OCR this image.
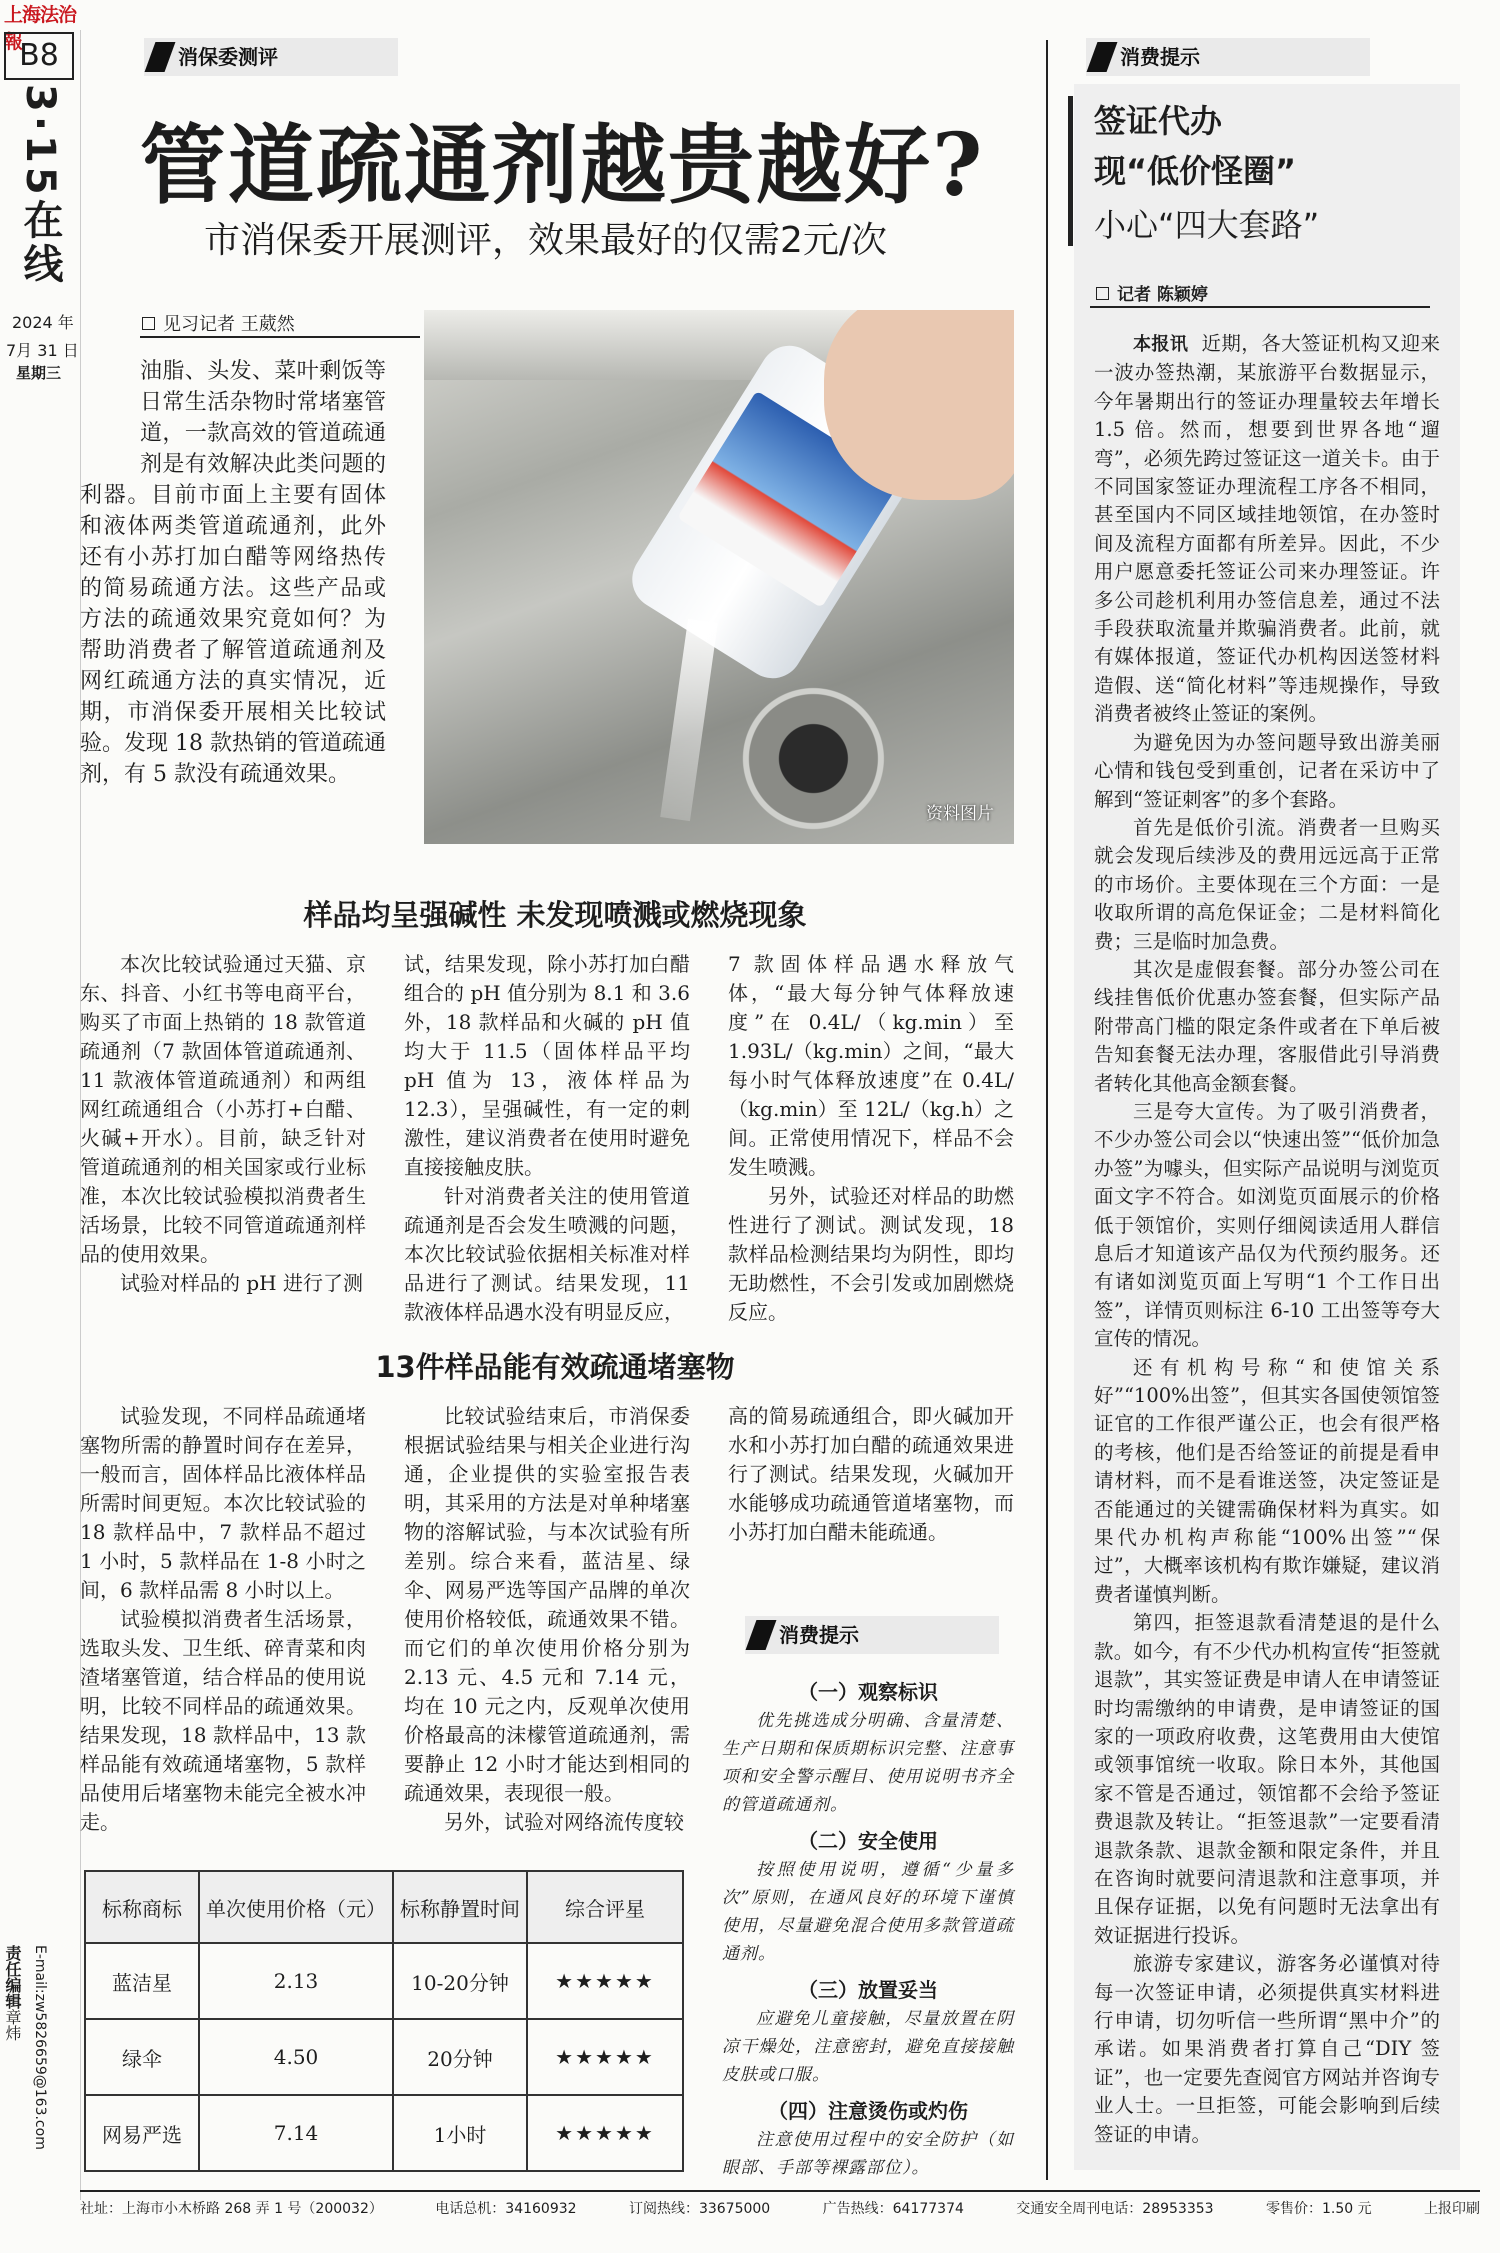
上海法治報
B8
3·15在线
2024 年
7月 31 日
星期三
责任编辑章炜 E-mail:zw5826659@163.com
消保委测评
管道疏通剂越贵越好?
市消保委开展测评，效果最好的仅需2元/次
见习记者 王葳然

油脂、头发、菜叶剩饭等日常生活杂物时常堵塞管道，一款高效的管道疏通剂是有效解决此类问题的利器。目前市面上主要有固体和液体两类管道疏通剂，此外还有小苏打加白醋等网络热传的简易疏通方法。这些产品或方法的疏通效果究竟如何？为帮助消费者了解管道疏通剂及网红疏通方法的真实情况，近期，市消保委开展相关比较试验。发现 18 款热销的管道疏通剂，有 5 款没有疏通效果。

资料图片
样品均呈强碱性 未发现喷溅或燃烧现象

本次比较试验通过天猫、京东、抖音、小红书等电商平台，购买了市面上热销的 18 款管道疏通剂（7 款固体管道疏通剂、11 款液体管道疏通剂）和两组网红疏通组合（小苏打+白醋、火碱+开水）。目前，缺乏针对管道疏通剂的相关国家或行业标准，本次比较试验模拟消费者生活场景，比较不同管道疏通剂样品的使用效果。

试验对样品的 pH 进行了测

试，结果发现，除小苏打加白醋组合的 pH 值分别为 8.1 和 3.6 外，18 款样品和火碱的 pH 值均大于 11.5（固体样品平均 pH 值为 13，液体样品为 12.3），呈强碱性，有一定的刺激性，建议消费者在使用时避免直接接触皮肤。

针对消费者关注的使用管道疏通剂是否会发生喷溅的问题，本次比较试验依据相关标准对样品进行了测试。结果发现，11 款液体样品遇水没有明显反应，

7 款固体样品遇水释放气体，“最大每分钟气体释放速度”在 0.4L/（kg.min）至 1.93L/（kg.min）之间，“最大每小时气体释放速度”在 0.4L/（kg.min）至 12L/（kg.h）之间。正常使用情况下，样品不会发生喷溅。

另外，试验还对样品的助燃性进行了测试。测试发现，18 款样品检测结果均为阴性，即均无助燃性，不会引发或加剧燃烧反应。

13件样品能有效疏通堵塞物

试验发现，不同样品疏通堵塞物所需的静置时间存在差异，一般而言，固体样品比液体样品所需时间更短。本次比较试验的 18 款样品中，7 款样品不超过 1 小时，5 款样品在 1-8 小时之间，6 款样品需 8 小时以上。

试验模拟消费者生活场景，选取头发、卫生纸、碎青菜和肉渣堵塞管道，结合样品的使用说明，比较不同样品的疏通效果。结果发现，18 款样品中，13 款样品能有效疏通堵塞物，5 款样品使用后堵塞物未能完全被水冲走。

比较试验结束后，市消保委根据试验结果与相关企业进行沟通，企业提供的实验室报告表明，其采用的方法是对单种堵塞物的溶解试验，与本次试验有所差别。综合来看，蓝洁星、绿伞、网易严选等国产品牌的单次使用价格较低，疏通效果不错。而它们的单次使用价格分别为 2.13 元、4.5 元和 7.14 元，均在 10 元之内，反观单次使用价格最高的沫檬管道疏通剂，需要静止 12 小时才能达到相同的疏通效果，表现很一般。

另外，试验对网络流传度较

高的简易疏通组合，即火碱加开水和小苏打加白醋的疏通效果进行了测试。结果发现，火碱加开水能够成功疏通管道堵塞物，而小苏打加白醋未能疏通。

标称商标	单次使用价格（元）	标称静置时间	综合评星
蓝洁星	2.13	10-20分钟	★★★★★
绿伞	4.50	20分钟	★★★★★
网易严选	7.14	1小时	★★★★★
消费提示
（一）观察标识

优先挑选成分明确、含量清楚、生产日期和保质期标识完整、注意事项和安全警示醒目、使用说明书齐全的管道疏通剂。

（二）安全使用

按照使用说明，遵循“少量多次”原则，在通风良好的环境下谨慎使用，尽量避免混合使用多款管道疏通剂。

（三）放置妥当

应避免儿童接触，尽量放置在阴凉干燥处，注意密封，避免直接接触皮肤或口服。

（四）注意烫伤或灼伤

注意使用过程中的安全防护（如眼部、手部等裸露部位）。

消费提示
签证代办
现“低价怪圈”
小心“四大套路”
记者 陈颖婷

本报讯 近期，各大签证机构又迎来一波办签热潮，某旅游平台数据显示，今年暑期出行的签证办理量较去年增长 1.5 倍。然而，想要到世界各地“遛弯”，必须先跨过签证这一道关卡。由于不同国家签证办理流程工序各不相同，甚至国内不同区域挂地领馆，在办签时间及流程方面都有所差异。因此，不少用户愿意委托签证公司来办理签证。许多公司趁机利用办签信息差，通过不法手段获取流量并欺骗消费者。此前，就有媒体报道，签证代办机构因送签材料造假、送“简化材料”等违规操作，导致消费者被终止签证的案例。

为避免因为办签问题导致出游美丽心情和钱包受到重创，记者在采访中了解到“签证刺客”的多个套路。

首先是低价引流。消费者一旦购买就会发现后续涉及的费用远远高于正常的市场价。主要体现在三个方面：一是收取所谓的高危保证金；二是材料简化费；三是临时加急费。

其次是虚假套餐。部分办签公司在线挂售低价优惠办签套餐，但实际产品附带高门槛的限定条件或者在下单后被告知套餐无法办理，客服借此引导消费者转化其他高金额套餐。

三是夸大宣传。为了吸引消费者，不少办签公司会以“快速出签”“低价加急办签”为噱头，但实际产品说明与浏览页面文字不符合。如浏览页面展示的价格低于领馆价，实则仔细阅读适用人群信息后才知道该产品仅为代预约服务。还有诸如浏览页面上写明“1 个工作日出签”，详情页则标注 6-10 工出签等夸大宣传的情况。

还有机构号称“和使馆关系好”“100%出签”，但其实各国使领馆签证官的工作很严谨公正，也会有很严格的考核，他们是否给签证的前提是看申请材料，而不是看谁送签，决定签证是否能通过的关键需确保材料为真实。如果代办机构声称能“100%出签”“保过”，大概率该机构有欺诈嫌疑，建议消费者谨慎判断。

第四，拒签退款看清楚退的是什么款。如今，有不少代办机构宣传“拒签就退款”，其实签证费是申请人在申请签证时均需缴纳的申请费，是申请签证的国家的一项政府收费，这笔费用由大使馆或领事馆统一收取。除日本外，其他国家不管是否通过，领馆都不会给予签证费退款及转让。“拒签退款”一定要看清退款条款、退款金额和限定条件，并且在咨询时就要问清退款和注意事项，并且保存证据，以免有问题时无法拿出有效证据进行投诉。

旅游专家建议，游客务必谨慎对待每一次签证申请，必须提供真实材料进行申请，切勿听信一些所谓“黑中介”的承诺。如果消费者打算自己“DIY 签证”，也一定要先查阅官方网站并咨询专业人士。一旦拒签，可能会影响到后续签证的申请。

社址：上海市小木桥路 268 弄 1 号（200032）	电话总机：34160932	订阅热线：33675000	广告热线：64177374	交通安全周刊电话：28953353	零售价：1.50 元	上报印刷
